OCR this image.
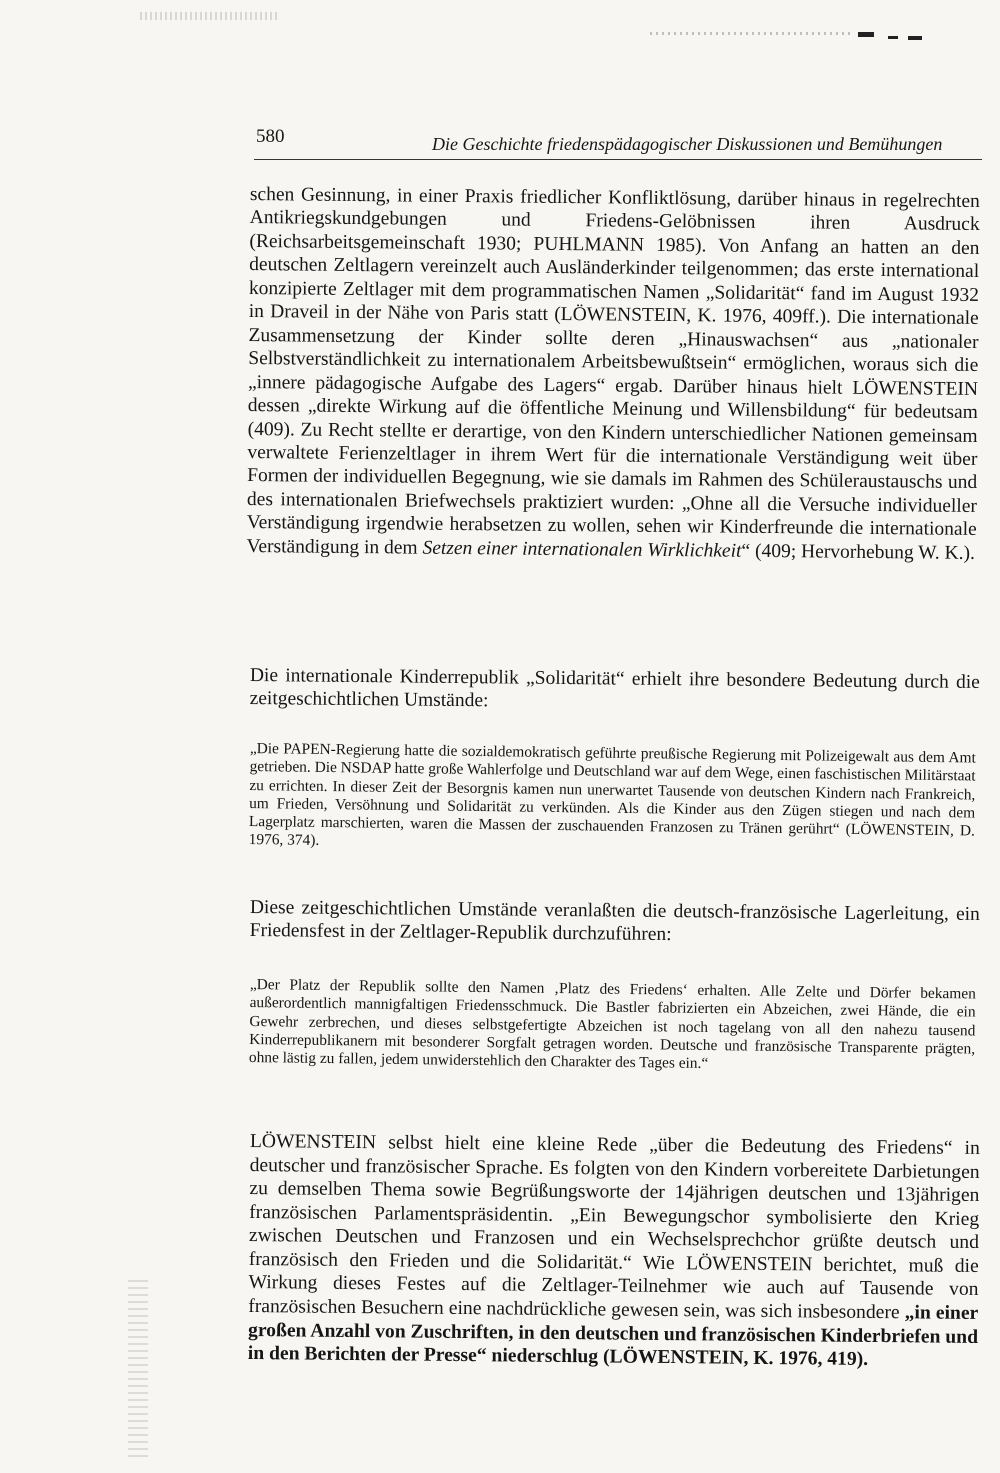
580	Die Geschichte friedenspädagogischer Diskussionen und Bemühungen

schen Gesinnung, in einer Praxis friedlicher Konfliktlösung, darüber hinaus in regelrechten Antikriegskundgebungen und Friedens-Gelöbnissen ihren Ausdruck (Reichsarbeitsgemeinschaft 1930; PUHLMANN 1985). Von Anfang an hatten an den deutschen Zeltlagern vereinzelt auch Ausländerkinder teilgenommen; das erste international konzipierte Zeltlager mit dem programmatischen Namen „Solidarität“ fand im August 1932 in Draveil in der Nähe von Paris statt (LÖWENSTEIN, K. 1976, 409ff.). Die internationale Zusammensetzung der Kinder sollte deren „Hinauswachsen“ aus „nationaler Selbstverständlichkeit zu internationalem Arbeitsbewußtsein“ ermöglichen, woraus sich die „innere pädagogische Aufgabe des Lagers“ ergab. Darüber hinaus hielt LÖWENSTEIN dessen „direkte Wirkung auf die öffentliche Meinung und Willensbildung“ für bedeutsam (409). Zu Recht stellte er derartige, von den Kindern unterschiedlicher Nationen gemeinsam verwaltete Ferienzeltlager in ihrem Wert für die internationale Verständigung weit über Formen der individuellen Begegnung, wie sie damals im Rahmen des Schüleraustauschs und des internationalen Briefwechsels praktiziert wurden: „Ohne all die Versuche individueller Verständigung irgendwie herabsetzen zu wollen, sehen wir Kinderfreunde die internationale Verständigung in dem Setzen einer internationalen Wirklichkeit“ (409; Hervorhebung W. K.).

Die internationale Kinderrepublik „Solidarität“ erhielt ihre besondere Bedeutung durch die zeitgeschichtlichen Umstände:

„Die PAPEN-Regierung hatte die sozialdemokratisch geführte preußische Regierung mit Polizeigewalt aus dem Amt getrieben. Die NSDAP hatte große Wahlerfolge und Deutschland war auf dem Wege, einen faschistischen Militärstaat zu errichten. In dieser Zeit der Besorgnis kamen nun unerwartet Tausende von deutschen Kindern nach Frankreich, um Frieden, Versöhnung und Solidarität zu verkünden. Als die Kinder aus den Zügen stiegen und nach dem Lagerplatz marschierten, waren die Massen der zuschauenden Franzosen zu Tränen gerührt“ (LÖWENSTEIN, D. 1976, 374).

Diese zeitgeschichtlichen Umstände veranlaßten die deutsch-französische Lagerleitung, ein Friedensfest in der Zeltlager-Republik durchzuführen:

„Der Platz der Republik sollte den Namen ‚Platz des Friedens‘ erhalten. Alle Zelte und Dörfer bekamen außerordentlich mannigfaltigen Friedensschmuck. Die Bastler fabrizierten ein Abzeichen, zwei Hände, die ein Gewehr zerbrechen, und dieses selbstgefertigte Abzeichen ist noch tagelang von all den nahezu tausend Kinderrepublikanern mit besonderer Sorgfalt getragen worden. Deutsche und französische Transparente prägten, ohne lästig zu fallen, jedem unwiderstehlich den Charakter des Tages ein.“

LÖWENSTEIN selbst hielt eine kleine Rede „über die Bedeutung des Friedens“ in deutscher und französischer Sprache. Es folgten von den Kindern vorbereitete Darbietungen zu demselben Thema sowie Begrüßungsworte der 14jährigen deutschen und 13jährigen französischen Parlamentspräsidentin. „Ein Bewegungschor symbolisierte den Krieg zwischen Deutschen und Franzosen und ein Wechselsprechchor grüßte deutsch und französisch den Frieden und die Solidarität.“ Wie LÖWENSTEIN berichtet, muß die Wirkung dieses Festes auf die Zeltlager-Teilnehmer wie auch auf Tausende von französischen Besuchern eine nachdrückliche gewesen sein, was sich insbesondere „in einer großen Anzahl von Zuschriften, in den deutschen und französischen Kinderbriefen und in den Berichten der Presse“ niederschlug (LÖWENSTEIN, K. 1976, 419).
